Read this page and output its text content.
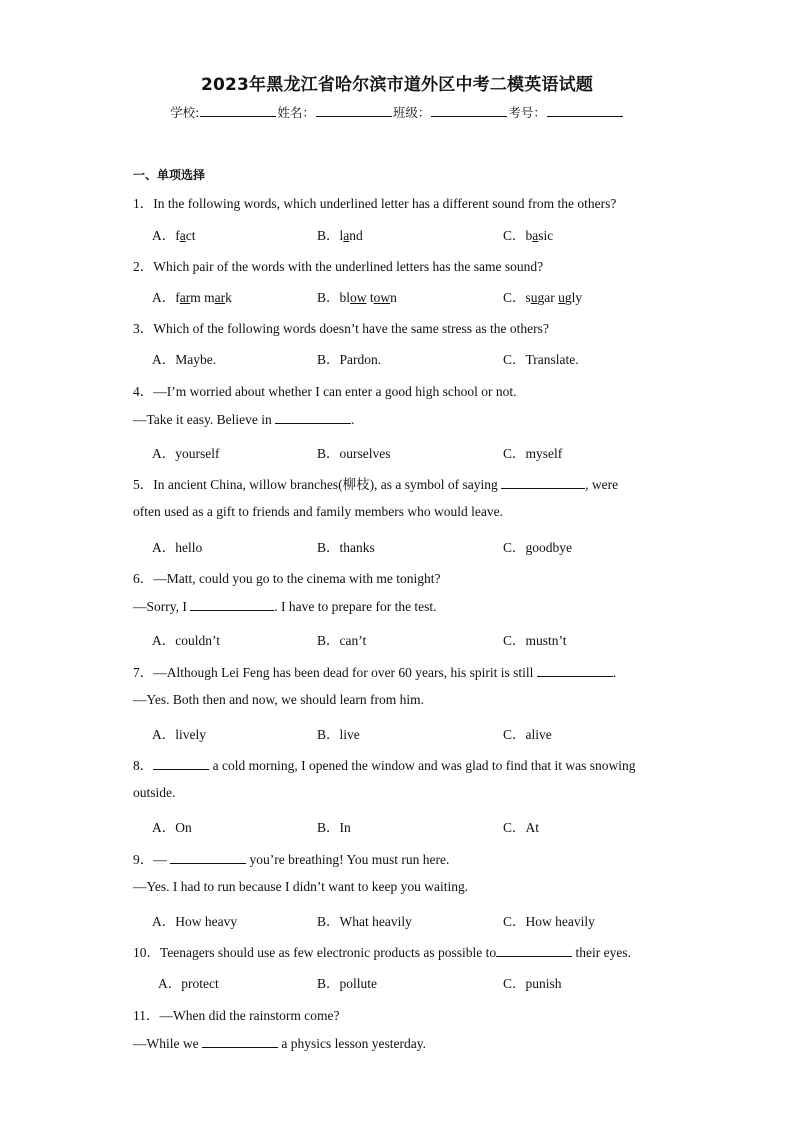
2023年黑龙江省哈尔滨市道外区中考二模英语试题
学校:	姓名：	班级：	考号：
一、单项选择
1．In the following words, which underlined letter has a different sound from the others?
A．fact	B．land	C．basic
2．Which pair of the words with the underlined letters has the same sound?
A．farm mark	B．blow town	C．sugar ugly
3．Which of the following words doesn’t have the same stress as the others?
A．Maybe.	B．Pardon.	C．Translate.
4．—I’m worried about whether I can enter a good high school or not.
—Take it easy. Believe in	.
A．yourself	B．ourselves	C．myself
5．In ancient China, willow branches(柳枝), as a symbol of saying	, were
often used as a gift to friends and family members who would leave.
A．hello	B．thanks	C．goodbye
6．—Matt, could you go to the cinema with me tonight?
—Sorry, I	. I have to prepare for the test.
A．couldn’t	B．can’t	C．mustn’t
7．—Although Lei Feng has been dead for over 60 years, his spirit is still	.
—Yes. Both then and now, we should learn from him.
A．lively	B．live	C．alive
8．	a cold morning, I opened the window and was glad to find that it was snowing
outside.
A．On	B．In	C．At
9．—	you’re breathing! You must run here.
—Yes. I had to run because I didn’t want to keep you waiting.
A．How heavy	B．What heavily	C．How heavily
10．Teenagers should use as few electronic products as possible to	their eyes.
A．protect	B．pollute	C．punish
11．—When did the rainstorm come?
—While we	a physics lesson yesterday.
